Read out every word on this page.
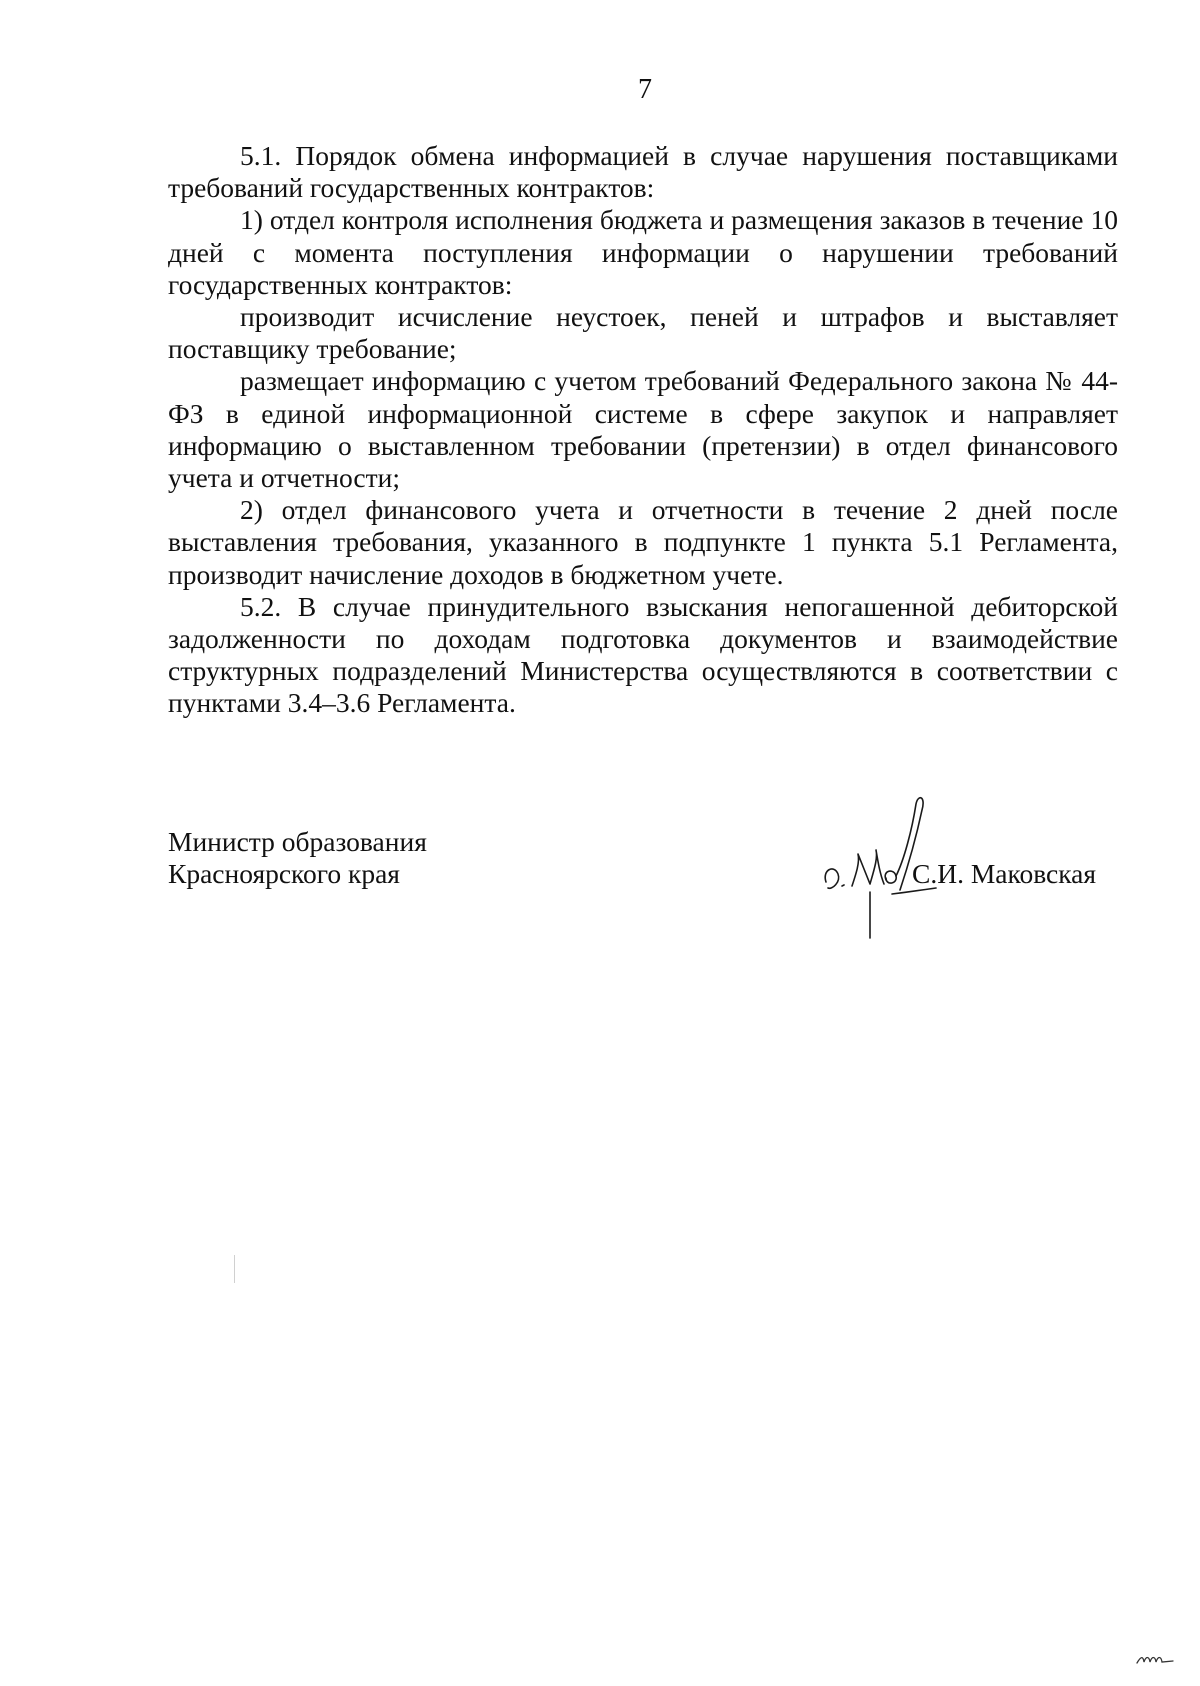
7

5.1. Порядок обмена информацией в случае нарушения поставщиками требований государственных контрактов:

1) отдел контроля исполнения бюджета и размещения заказов в течение 10 дней с момента поступления информации о нарушении требований государственных контрактов:

производит исчисление неустоек, пеней и штрафов и выставляет поставщику требование;

размещает информацию с учетом требований Федерального закона № 44-ФЗ в единой информационной системе в сфере закупок и направляет информацию о выставленном требовании (претензии) в отдел финансового учета и отчетности;

2) отдел финансового учета и отчетности в течение 2 дней после выставления требования, указанного в подпункте 1 пункта 5.1 Регламента, производит начисление доходов в бюджетном учете.

5.2. В случае принудительного взыскания непогашенной дебиторской задолженности по доходам подготовка документов и взаимодействие структурных подразделений Министерства осуществляются в соответствии с пунктами 3.4–3.6 Регламента.

Министр образования
Красноярского края	С.И. Маковская
